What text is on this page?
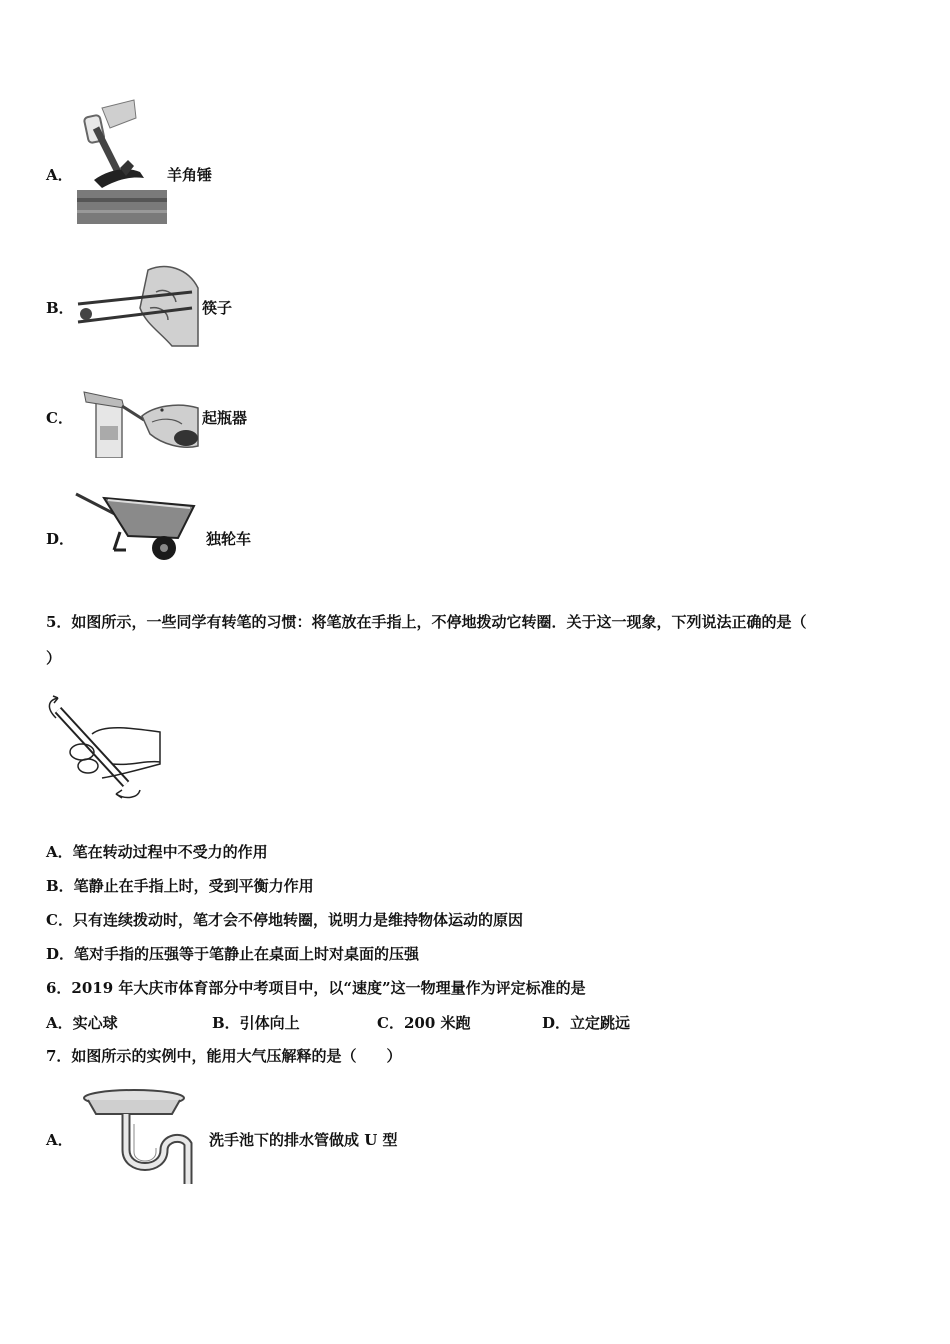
A．	羊角锤
B．	筷子
C．	起瓶器
D．	独轮车
5．如图所示，一些同学有转笔的习惯：将笔放在手指上，不停地拨动它转圈．关于这一现象，下列说法正确的是（
）
A．笔在转动过程中不受力的作用
B．笔静止在手指上时，受到平衡力作用
C．只有连续拨动时，笔才会不停地转圈，说明力是维持物体运动的原因
D．笔对手指的压强等于笔静止在桌面上时对桌面的压强
6．2019 年大庆市体育部分中考项目中，以“速度”这一物理量作为评定标准的是
A．实心球	B．引体向上	C．200 米跑	D．立定跳远
7．如图所示的实例中，能用大气压解释的是（　　）
A．	洗手池下的排水管做成 U 型
